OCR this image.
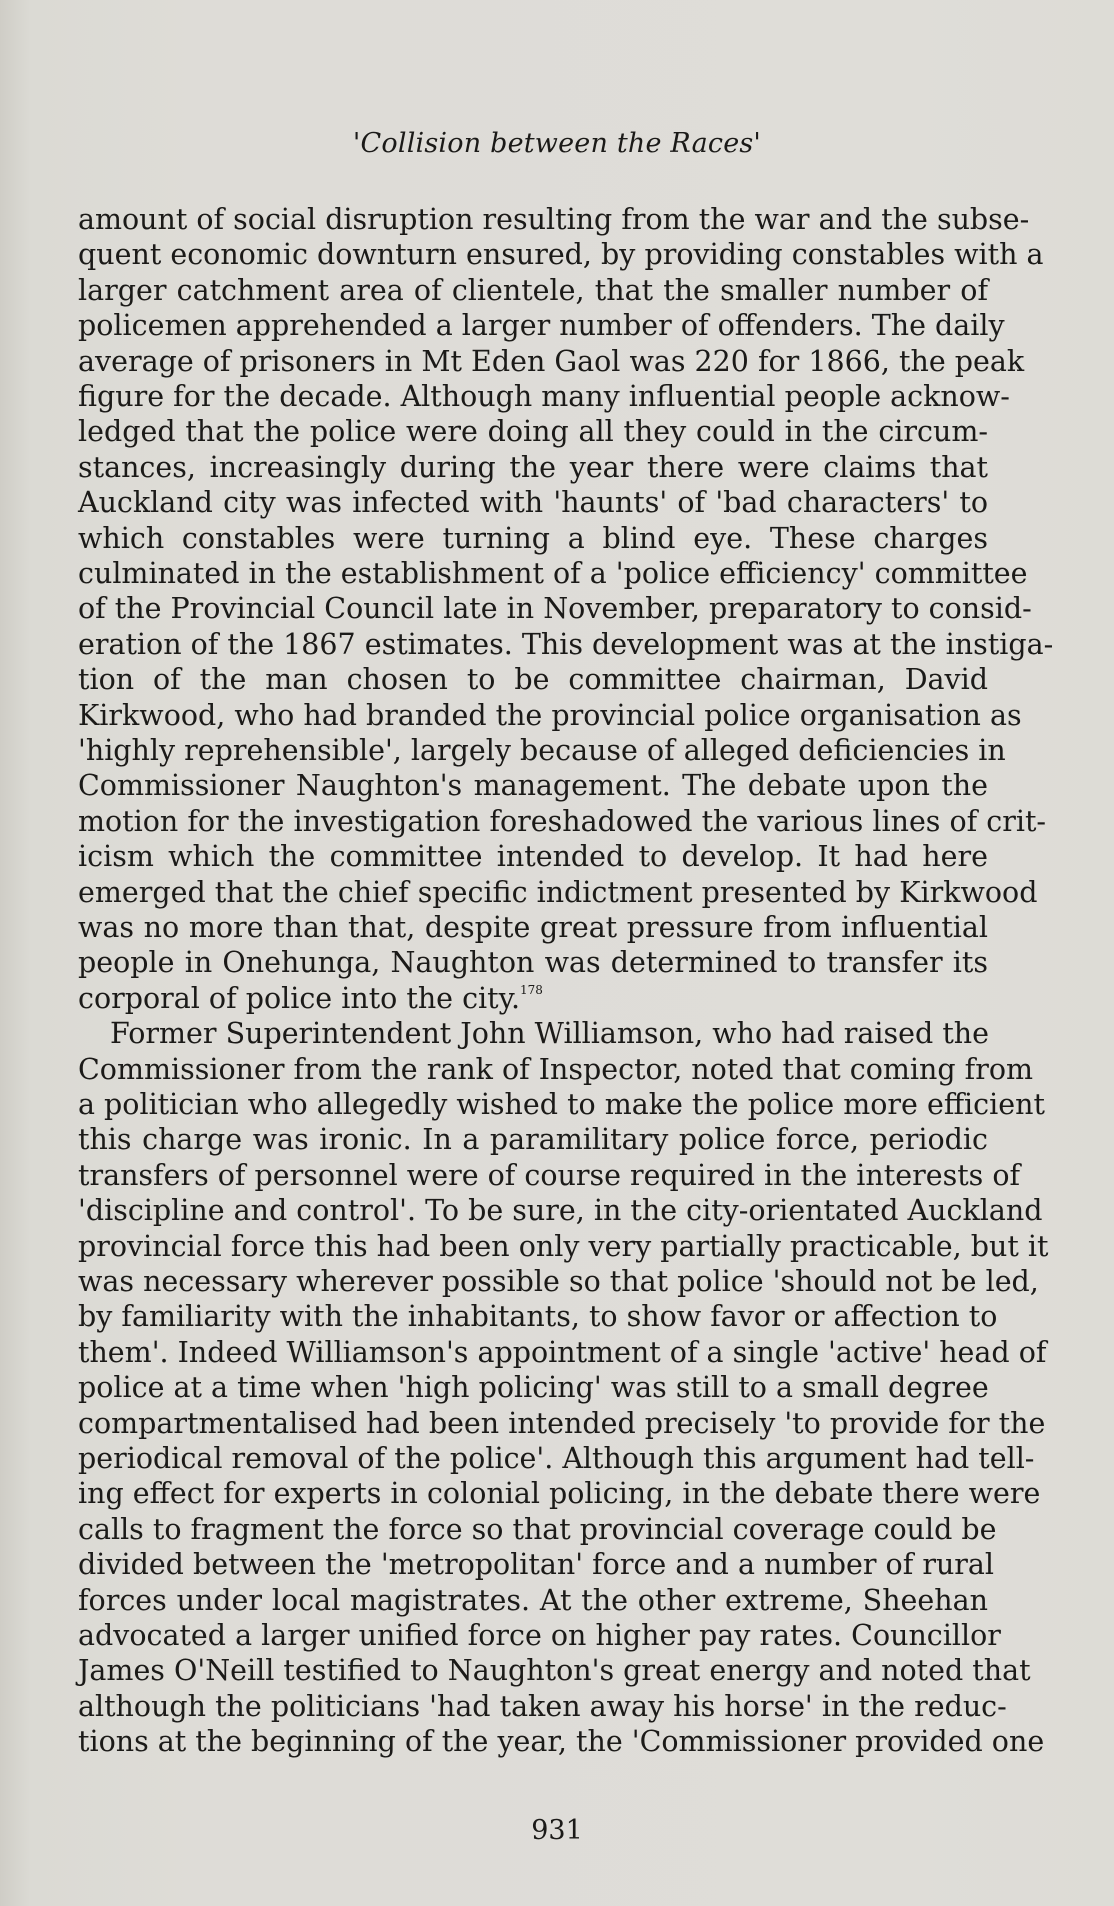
'Collision between the Races'
amount of social disruption resulting from the war and the subse-
quent economic downturn ensured, by providing constables with a
larger catchment area of clientele, that the smaller number of
policemen apprehended a larger number of offenders. The daily
average of prisoners in Mt Eden Gaol was 220 for 1866, the peak
figure for the decade. Although many influential people acknow-
ledged that the police were doing all they could in the circum-
stances, increasingly during the year there were claims that
Auckland city was infected with 'haunts' of 'bad characters' to
which constables were turning a blind eye. These charges
culminated in the establishment of a 'police efficiency' committee
of the Provincial Council late in November, preparatory to consid-
eration of the 1867 estimates. This development was at the instiga-
tion of the man chosen to be committee chairman, David
Kirkwood, who had branded the provincial police organisation as
'highly reprehensible', largely because of alleged deficiencies in
Commissioner Naughton's management. The debate upon the
motion for the investigation foreshadowed the various lines of crit-
icism which the committee intended to develop. It had here
emerged that the chief specific indictment presented by Kirkwood
was no more than that, despite great pressure from influential
people in Onehunga, Naughton was determined to transfer its
corporal of police into the city.$^{178}$
Former Superintendent John Williamson, who had raised the
Commissioner from the rank of Inspector, noted that coming from
a politician who allegedly wished to make the police more efficient
this charge was ironic. In a paramilitary police force, periodic
transfers of personnel were of course required in the interests of
'discipline and control'. To be sure, in the city-orientated Auckland
provincial force this had been only very partially practicable, but it
was necessary wherever possible so that police 'should not be led,
by familiarity with the inhabitants, to show favor or affection to
them'. Indeed Williamson's appointment of a single 'active' head of
police at a time when 'high policing' was still to a small degree
compartmentalised had been intended precisely 'to provide for the
periodical removal of the police'. Although this argument had tell-
ing effect for experts in colonial policing, in the debate there were
calls to fragment the force so that provincial coverage could be
divided between the 'metropolitan' force and a number of rural
forces under local magistrates. At the other extreme, Sheehan
advocated a larger unified force on higher pay rates. Councillor
James O'Neill testified to Naughton's great energy and noted that
although the politicians 'had taken away his horse' in the reduc-
tions at the beginning of the year, the 'Commissioner provided one
931
